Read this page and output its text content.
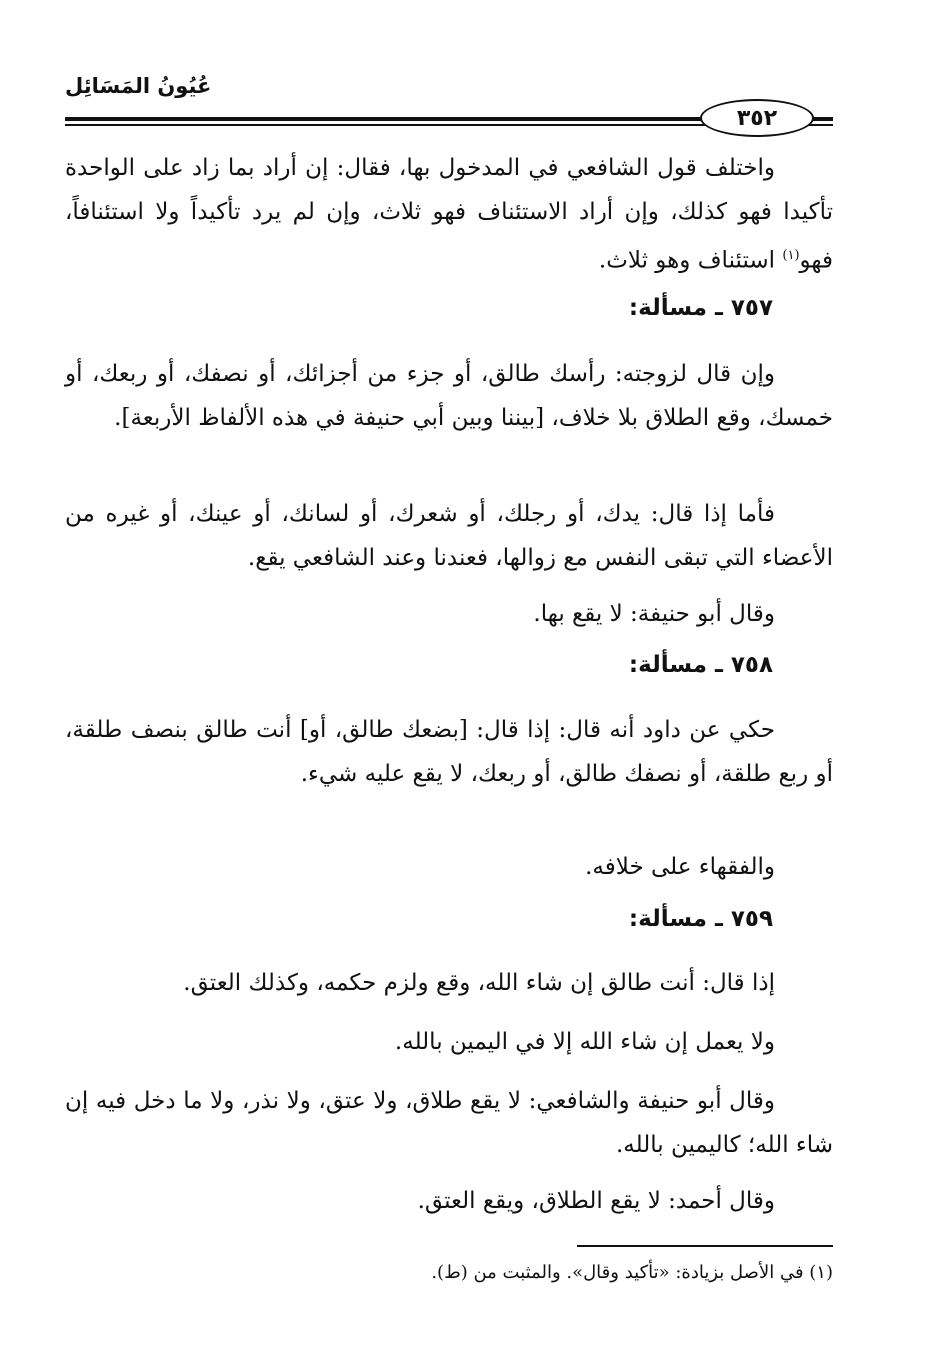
عُيُونُ المَسَائِل
٣٥٢

واختلف قول الشافعي في المدخول بها، فقال: إن أراد بما زاد على الواحدة تأكيدا فهو كذلك، وإن أراد الاستئناف فهو ثلاث، وإن لم يرد تأكيداً ولا استئنافاً، فهو$^{(١)}$ استئناف وهو ثلاث.

٧٥٧ ـ مسألة:

وإن قال لزوجته: رأسك طالق، أو جزء من أجزائك، أو نصفك، أو ربعك، أو خمسك، وقع الطلاق بلا خلاف، [بيننا وبين أبي حنيفة في هذه الألفاظ الأربعة].

فأما إذا قال: يدك، أو رجلك، أو شعرك، أو لسانك، أو عينك، أو غيره من الأعضاء التي تبقى النفس مع زوالها، فعندنا وعند الشافعي يقع.

وقال أبو حنيفة: لا يقع بها.

٧٥٨ ـ مسألة:

حكي عن داود أنه قال: إذا قال: [بضعك طالق، أو] أنت طالق بنصف طلقة، أو ربع طلقة، أو نصفك طالق، أو ربعك، لا يقع عليه شيء.

والفقهاء على خلافه.

٧٥٩ ـ مسألة:

إذا قال: أنت طالق إن شاء الله، وقع ولزم حكمه، وكذلك العتق.

ولا يعمل إن شاء الله إلا في اليمين بالله.

وقال أبو حنيفة والشافعي: لا يقع طلاق، ولا عتق، ولا نذر، ولا ما دخل فيه إن شاء الله؛ كاليمين بالله.

وقال أحمد: لا يقع الطلاق، ويقع العتق.

(١) في الأصل بزيادة: «تأكيد وقال». والمثبت من (ط).
